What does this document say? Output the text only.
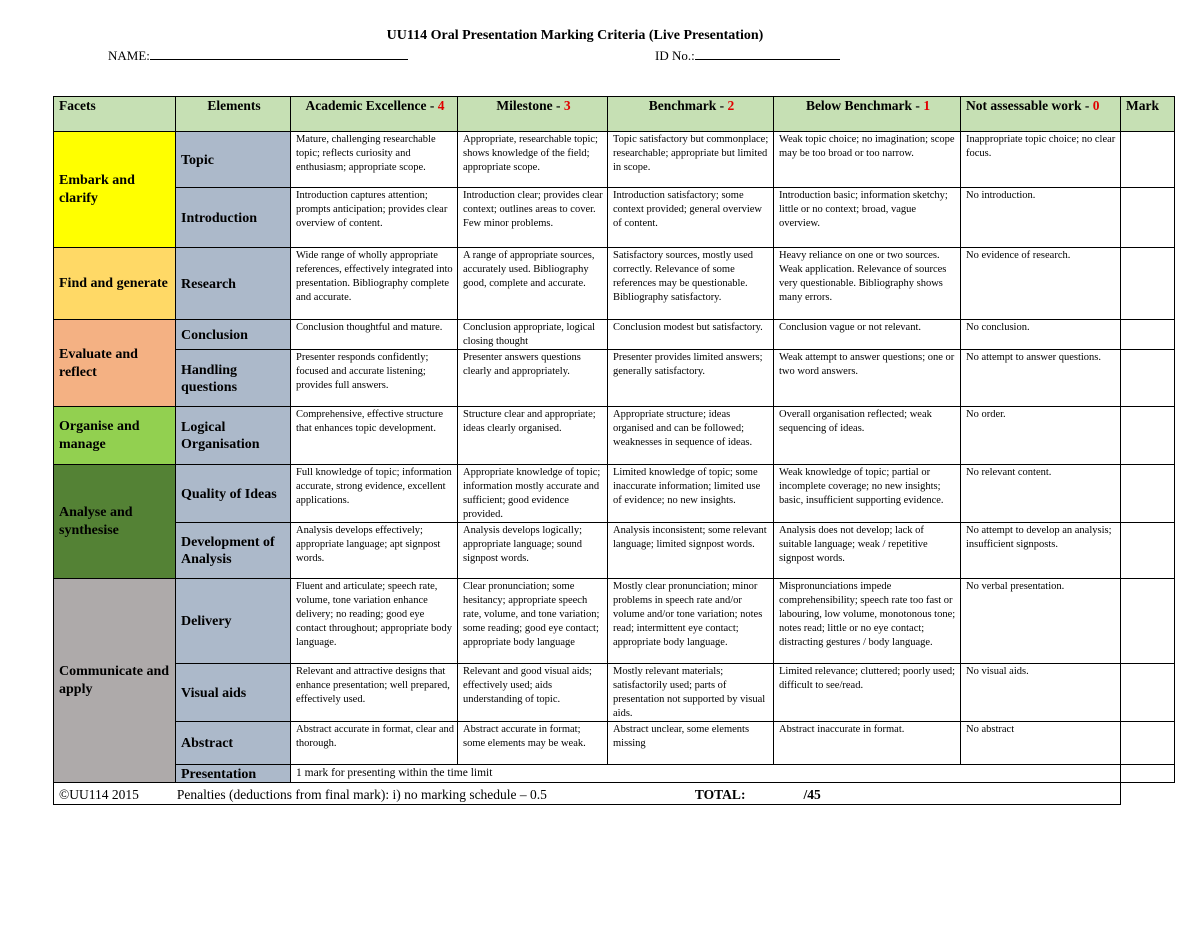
UU114 Oral Presentation Marking Criteria (Live Presentation)
NAME:	ID No.:
Facets	Elements	Academic Excellence - 4	Milestone - 3	Benchmark - 2	Below Benchmark - 1	Not assessable work - 0	Mark
Embark and clarify	Topic	Mature, challenging researchable topic; reflects curiosity and enthusiasm; appropriate scope.	Appropriate, researchable topic; shows knowledge of the field; appropriate scope.	Topic satisfactory but commonplace; researchable; appropriate but limited in scope.	Weak topic choice; no imagination; scope may be too broad or too narrow.	Inappropriate topic choice; no clear focus.	
	Introduction	Introduction captures attention; prompts anticipation; provides clear overview of content.	Introduction clear; provides clear context; outlines areas to cover. Few minor problems.	Introduction satisfactory; some context provided; general overview of content.	Introduction basic; information sketchy; little or no context; broad, vague overview.	No introduction.	
Find and generate	Research	Wide range of wholly appropriate references, effectively integrated into presentation. Bibliography complete and accurate.	A range of appropriate sources, accurately used. Bibliography good, complete and accurate.	Satisfactory sources, mostly used correctly. Relevance of some references may be questionable. Bibliography satisfactory.	Heavy reliance on one or two sources. Weak application. Relevance of sources very questionable. Bibliography shows many errors.	No evidence of research.	
Evaluate and reflect	Conclusion	Conclusion thoughtful and mature.	Conclusion appropriate, logical closing thought	Conclusion modest but satisfactory.	Conclusion vague or not relevant.	No conclusion.	
	Handling questions	Presenter responds confidently; focused and accurate listening; provides full answers.	Presenter answers questions clearly and appropriately.	Presenter provides limited answers; generally satisfactory.	Weak attempt to answer questions; one or two word answers.	No attempt to answer questions.	
Organise and manage	Logical Organisation	Comprehensive, effective structure that enhances topic development.	Structure clear and appropriate; ideas clearly organised.	Appropriate structure; ideas organised and can be followed; weaknesses in sequence of ideas.	Overall organisation reflected; weak sequencing of ideas.	No order.	
Analyse and synthesise	Quality of Ideas	Full knowledge of topic; information accurate, strong evidence, excellent applications.	Appropriate knowledge of topic; information mostly accurate and sufficient; good evidence provided.	Limited knowledge of topic; some inaccurate information; limited use of evidence; no new insights.	Weak knowledge of topic; partial or incomplete coverage; no new insights; basic, insufficient supporting evidence.	No relevant content.	
	Development of Analysis	Analysis develops effectively; appropriate language; apt signpost words.	Analysis develops logically; appropriate language; sound signpost words.	Analysis inconsistent; some relevant language; limited signpost words.	Analysis does not develop; lack of suitable language; weak / repetitive signpost words.	No attempt to develop an analysis; insufficient signposts.	
Communicate and apply	Delivery	Fluent and articulate; speech rate, volume, tone variation enhance delivery; no reading; good eye contact throughout; appropriate body language.	Clear pronunciation; some hesitancy; appropriate speech rate, volume, and tone variation; some reading; good eye contact; appropriate body language	Mostly clear pronunciation; minor problems in speech rate and/or volume and/or tone variation; notes read; intermittent eye contact; appropriate body language.	Mispronunciations impede comprehensibility; speech rate too fast or labouring, low volume, monotonous tone; notes read; little or no eye contact; distracting gestures / body language.	No verbal presentation.	
	Visual aids	Relevant and attractive designs that enhance presentation; well prepared, effectively used.	Relevant and good visual aids; effectively used; aids understanding of topic.	Mostly relevant materials; satisfactorily used; parts of presentation not supported by visual aids.	Limited relevance; cluttered; poorly used; difficult to see/read.	No visual aids.	
	Abstract	Abstract accurate in format, clear and thorough.	Abstract accurate in format; some elements may be weak.	Abstract unclear, some elements missing	Abstract inaccurate in format.	No abstract	
	Presentation	1 mark for presenting within the time limit					
©UU114 2015 Penalties (deductions from final mark): i) no marking schedule – 0.5 TOTAL: /45							
